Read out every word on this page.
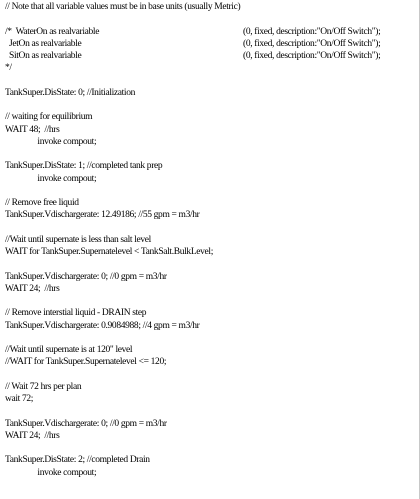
// Note that all variable values must be in base units (usually Metric)
/*  WaterOn as realvariable	(0, fixed, description:"On/Off Switch");
JetOn as realvariable	(0, fixed, description:"On/Off Switch");
SitOn as realvariable	(0, fixed, description:"On/Off Switch");
*/
TankSuper.DisState: 0; //Initialization
// waiting for equilibrium
WAIT 48;  //hrs
invoke compout;
TankSuper.DisState: 1; //completed tank prep
invoke compout;
// Remove free liquid
TankSuper.Vdischargerate: 12.49186; //55 gpm = m3/hr
//Wait until supernate is less than salt level
WAIT for TankSuper.Supernatelevel < TankSalt.BulkLevel;
TankSuper.Vdischargerate: 0; //0 gpm = m3/hr
WAIT 24;  //hrs
// Remove interstial liquid - DRAIN step
TankSuper.Vdischargerate: 0.9084988; //4 gpm = m3/hr
//Wait until supernate is at 120" level
//WAIT for TankSuper.Supernatelevel <= 120;
// Wait 72 hrs per plan
wait 72;
TankSuper.Vdischargerate: 0; //0 gpm = m3/hr
WAIT 24;  //hrs
TankSuper.DisState: 2; //completed Drain
invoke compout;
